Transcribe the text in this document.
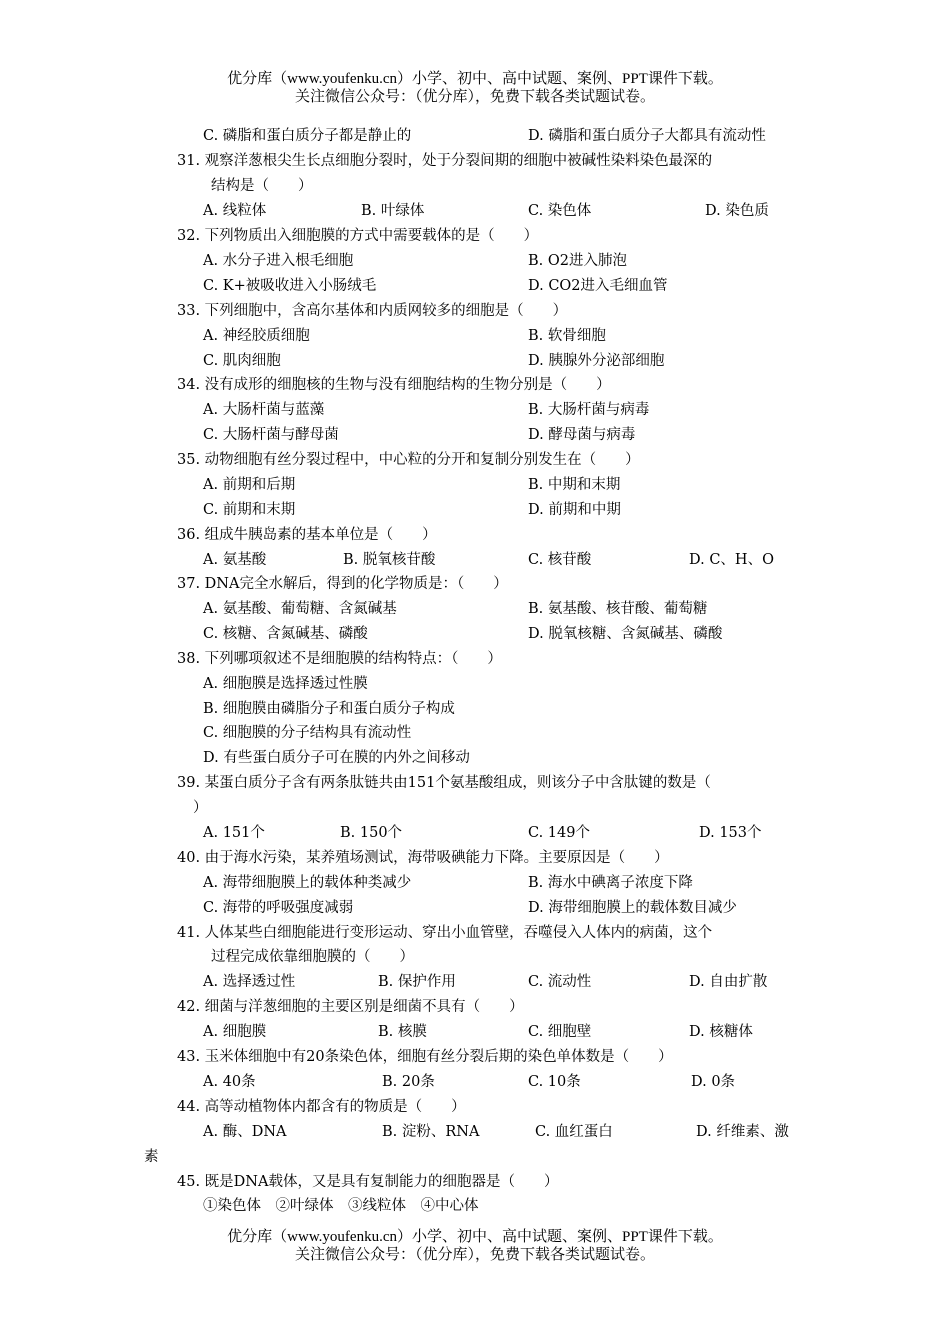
优分库（www.youfenku.cn）小学、初中、高中试题、案例、PPT课件下载。
关注微信公众号：（优分库），免费下载各类试题试卷。
C. 磷脂和蛋白质分子都是静止的	D. 磷脂和蛋白质分子大都具有流动性
31. 观察洋葱根尖生长点细胞分裂时，处于分裂间期的细胞中被碱性染料染色最深的
结构是（　　）
A. 线粒体	B. 叶绿体	C. 染色体	D. 染色质
32. 下列物质出入细胞膜的方式中需要载体的是（　　）
A. 水分子进入根毛细胞	B. O2进入肺泡
C. K+被吸收进入小肠绒毛	D. CO2进入毛细血管
33. 下列细胞中，含高尔基体和内质网较多的细胞是（　　）
A. 神经胶质细胞	B. 软骨细胞
C. 肌肉细胞	D. 胰腺外分泌部细胞
34. 没有成形的细胞核的生物与没有细胞结构的生物分别是（　　）
A. 大肠杆菌与蓝藻	B. 大肠杆菌与病毒
C. 大肠杆菌与酵母菌	D. 酵母菌与病毒
35. 动物细胞有丝分裂过程中，中心粒的分开和复制分别发生在（　　）
A. 前期和后期	B. 中期和末期
C. 前期和末期	D. 前期和中期
36. 组成牛胰岛素的基本单位是（　　）
A. 氨基酸	B. 脱氧核苷酸	C. 核苷酸	D. C、H、O
37. DNA完全水解后，得到的化学物质是：（　　）
A. 氨基酸、葡萄糖、含氮碱基	B. 氨基酸、核苷酸、葡萄糖
C. 核糖、含氮碱基、磷酸	D. 脱氧核糖、含氮碱基、磷酸
38. 下列哪项叙述不是细胞膜的结构特点：（　　）
A. 细胞膜是选择透过性膜
B. 细胞膜由磷脂分子和蛋白质分子构成
C. 细胞膜的分子结构具有流动性
D. 有些蛋白质分子可在膜的内外之间移动
39. 某蛋白质分子含有两条肽链共由151个氨基酸组成，则该分子中含肽键的数是（
）
A. 151个	B. 150个	C. 149个	D. 153个
40. 由于海水污染，某养殖场测试，海带吸碘能力下降。主要原因是（　　）
A. 海带细胞膜上的载体种类减少	B. 海水中碘离子浓度下降
C. 海带的呼吸强度减弱	D. 海带细胞膜上的载体数目减少
41. 人体某些白细胞能进行变形运动、穿出小血管壁，吞噬侵入人体内的病菌，这个
过程完成依靠细胞膜的（　　）
A. 选择透过性	B. 保护作用	C. 流动性	D. 自由扩散
42. 细菌与洋葱细胞的主要区别是细菌不具有（　　）
A. 细胞膜	B. 核膜	C. 细胞壁	D. 核糖体
43. 玉米体细胞中有20条染色体，细胞有丝分裂后期的染色单体数是（　　）
A. 40条	B. 20条	C. 10条	D. 0条
44. 高等动植物体内都含有的物质是（　　）
A. 酶、DNA	B. 淀粉、RNA	C. 血红蛋白	D. 纤维素、激
素
45. 既是DNA载体，又是具有复制能力的细胞器是（　　）
①染色体　②叶绿体　③线粒体　④中心体
优分库（www.youfenku.cn）小学、初中、高中试题、案例、PPT课件下载。
关注微信公众号：（优分库），免费下载各类试题试卷。
